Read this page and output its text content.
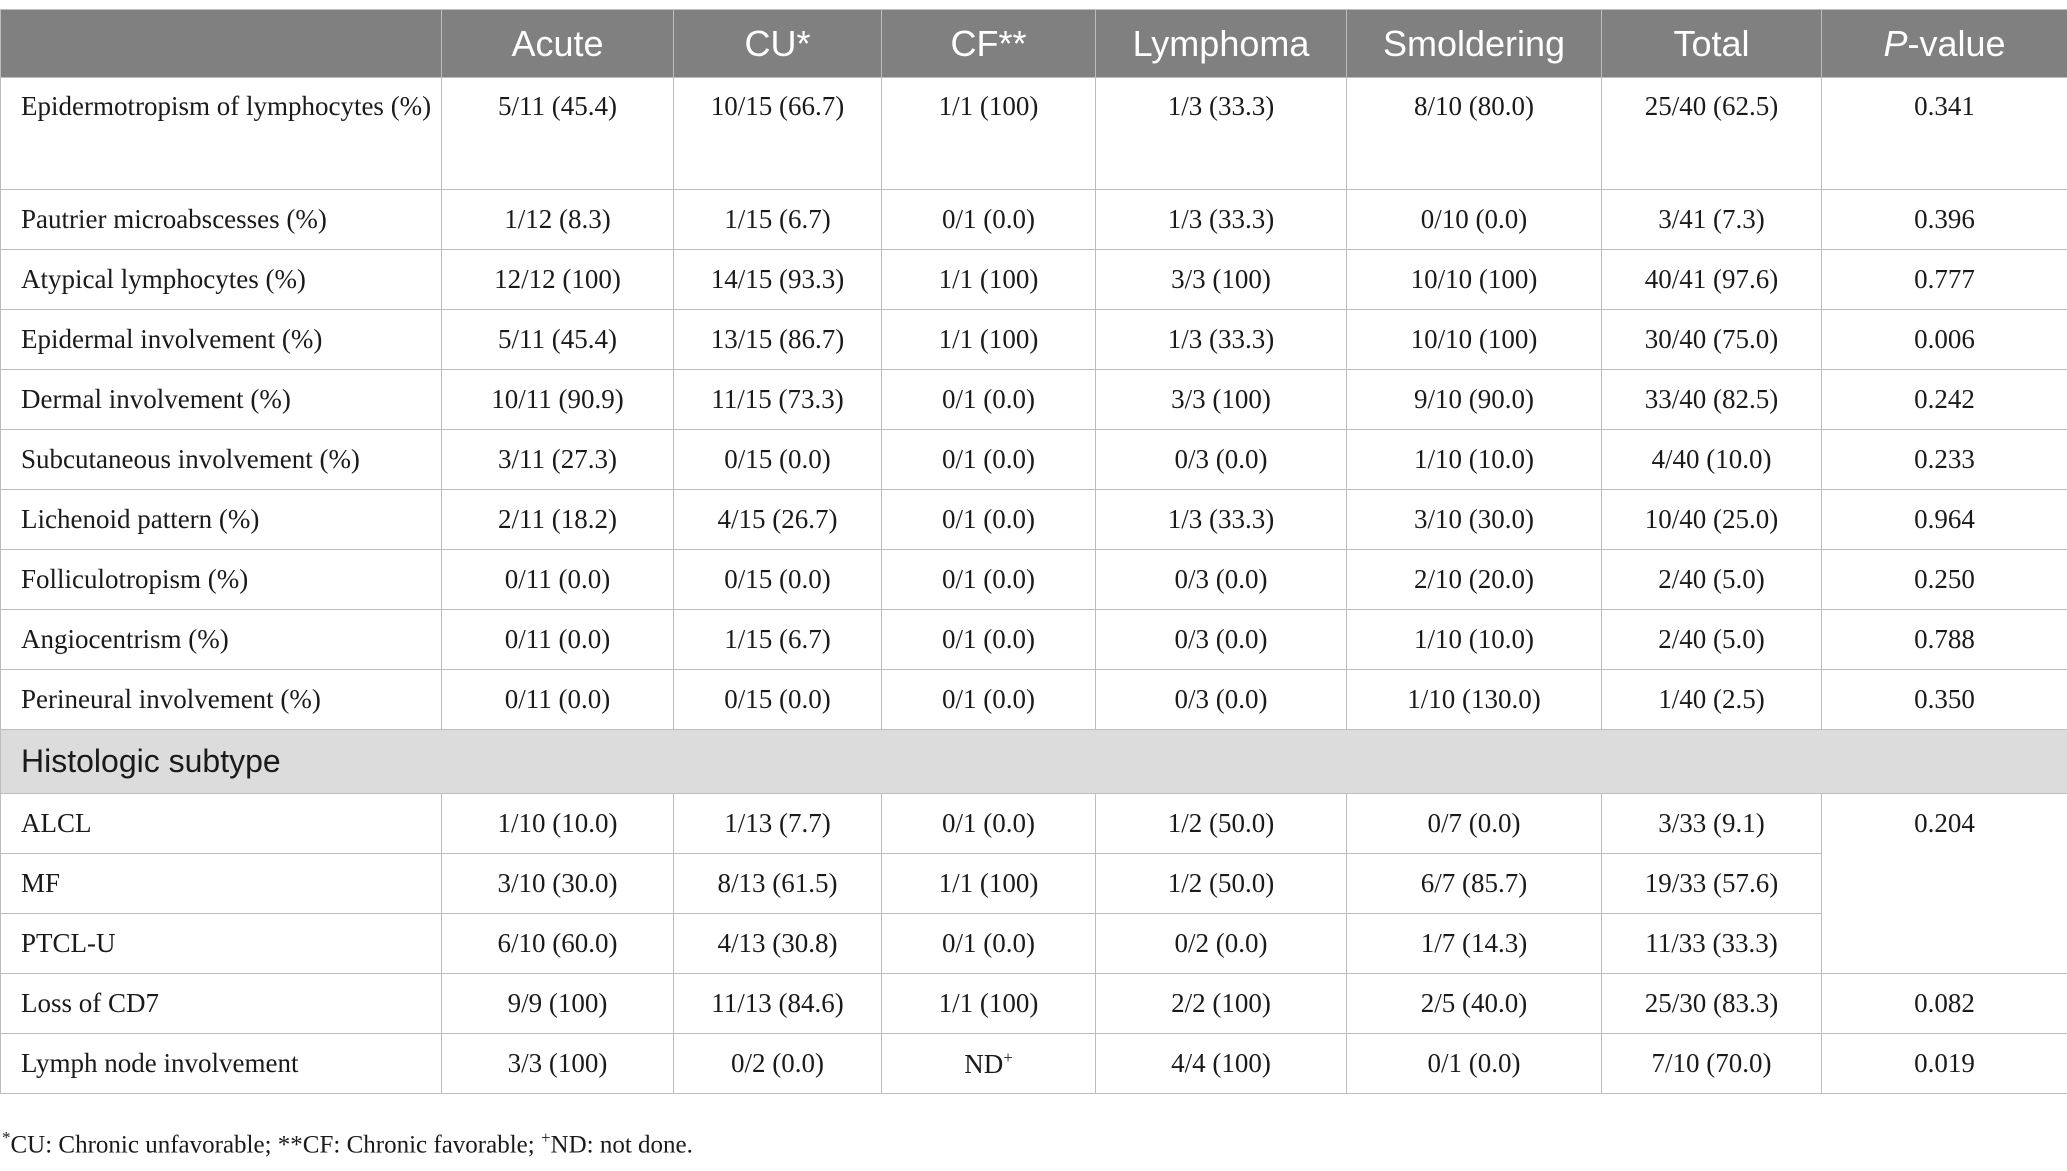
	Acute	CU*	CF**	Lymphoma	Smoldering	Total	P-value
Epidermotropism of lymphocytes (%)	5/11 (45.4)	10/15 (66.7)	1/1 (100)	1/3 (33.3)	8/10 (80.0)	25/40 (62.5)	0.341
Pautrier microabscesses (%)	1/12 (8.3)	1/15 (6.7)	0/1 (0.0)	1/3 (33.3)	0/10 (0.0)	3/41 (7.3)	0.396
Atypical lymphocytes (%)	12/12 (100)	14/15 (93.3)	1/1 (100)	3/3 (100)	10/10 (100)	40/41 (97.6)	0.777
Epidermal involvement (%)	5/11 (45.4)	13/15 (86.7)	1/1 (100)	1/3 (33.3)	10/10 (100)	30/40 (75.0)	0.006
Dermal involvement (%)	10/11 (90.9)	11/15 (73.3)	0/1 (0.0)	3/3 (100)	9/10 (90.0)	33/40 (82.5)	0.242
Subcutaneous involvement (%)	3/11 (27.3)	0/15 (0.0)	0/1 (0.0)	0/3 (0.0)	1/10 (10.0)	4/40 (10.0)	0.233
Lichenoid pattern (%)	2/11 (18.2)	4/15 (26.7)	0/1 (0.0)	1/3 (33.3)	3/10 (30.0)	10/40 (25.0)	0.964
Folliculotropism (%)	0/11 (0.0)	0/15 (0.0)	0/1 (0.0)	0/3 (0.0)	2/10 (20.0)	2/40 (5.0)	0.250
Angiocentrism (%)	0/11 (0.0)	1/15 (6.7)	0/1 (0.0)	0/3 (0.0)	1/10 (10.0)	2/40 (5.0)	0.788
Perineural involvement (%)	0/11 (0.0)	0/15 (0.0)	0/1 (0.0)	0/3 (0.0)	1/10 (130.0)	1/40 (2.5)	0.350
Histologic subtype							
ALCL	1/10 (10.0)	1/13 (7.7)	0/1 (0.0)	1/2 (50.0)	0/7 (0.0)	3/33 (9.1)	0.204
MF	3/10 (30.0)	8/13 (61.5)	1/1 (100)	1/2 (50.0)	6/7 (85.7)	19/33 (57.6)	
PTCL-U	6/10 (60.0)	4/13 (30.8)	0/1 (0.0)	0/2 (0.0)	1/7 (14.3)	11/33 (33.3)	
Loss of CD7	9/9 (100)	11/13 (84.6)	1/1 (100)	2/2 (100)	2/5 (40.0)	25/30 (83.3)	0.082
Lymph node involvement	3/3 (100)	0/2 (0.0)	ND+	4/4 (100)	0/1 (0.0)	7/10 (70.0)	0.019
*CU: Chronic unfavorable; **CF: Chronic favorable; +ND: not done.
